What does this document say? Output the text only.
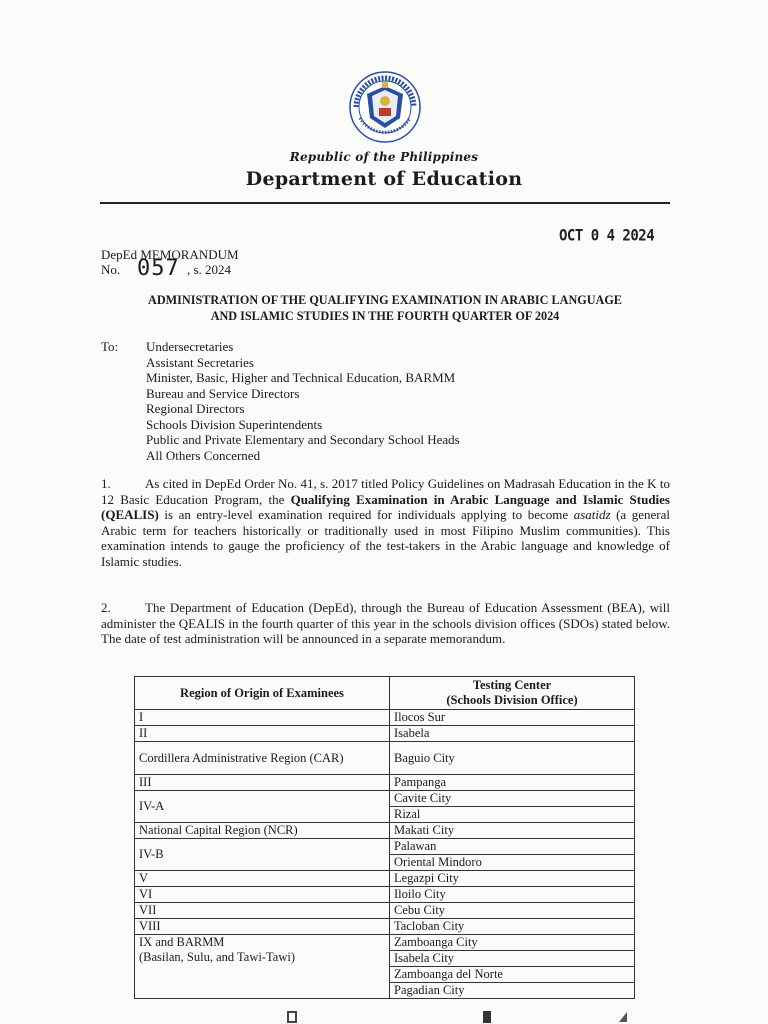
Republic of the Philippines
Department of Education
OCT 0 4 2024
DepEd MEMORANDUM
No. 057 , s. 2024
ADMINISTRATION OF THE QUALIFYING EXAMINATION IN ARABIC LANGUAGE
AND ISLAMIC STUDIES IN THE FOURTH QUARTER OF 2024
To: Undersecretaries
Assistant Secretaries
Minister, Basic, Higher and Technical Education, BARMM
Bureau and Service Directors
Regional Directors
Schools Division Superintendents
Public and Private Elementary and Secondary School Heads
All Others Concerned

1.	As cited in DepEd Order No. 41, s. 2017 titled Policy Guidelines on Madrasah Education in the K to 12 Basic Education Program, the Qualifying Examination in Arabic Language and Islamic Studies (QEALIS) is an entry-level examination required for individuals applying to become asatidz (a general Arabic term for teachers historically or traditionally used in most Filipino Muslim communities). This examination intends to gauge the proficiency of the test-takers in the Arabic language and knowledge of Islamic studies.

2.	The Department of Education (DepEd), through the Bureau of Education Assessment (BEA), will administer the QEALIS in the fourth quarter of this year in the schools division offices (SDOs) stated below. The date of test administration will be announced in a separate memorandum.

Region of Origin of Examinees	Testing Center
(Schools Division Office)

I	Ilocos Sur
II	Isabela
Cordillera Administrative Region (CAR)	Baguio City
III	Pampanga
IV-A	Cavite City
	Rizal
National Capital Region (NCR)	Makati City
IV-B	Palawan
	Oriental Mindoro
V	Legazpi City
VI	Iloilo City
VII	Cebu City
VIII	Tacloban City

IX and BARMM
(Basilan, Sulu, and Tawi-Tawi)	Zamboanga City
	Isabela City
	Zamboanga del Norte
	Pagadian City
